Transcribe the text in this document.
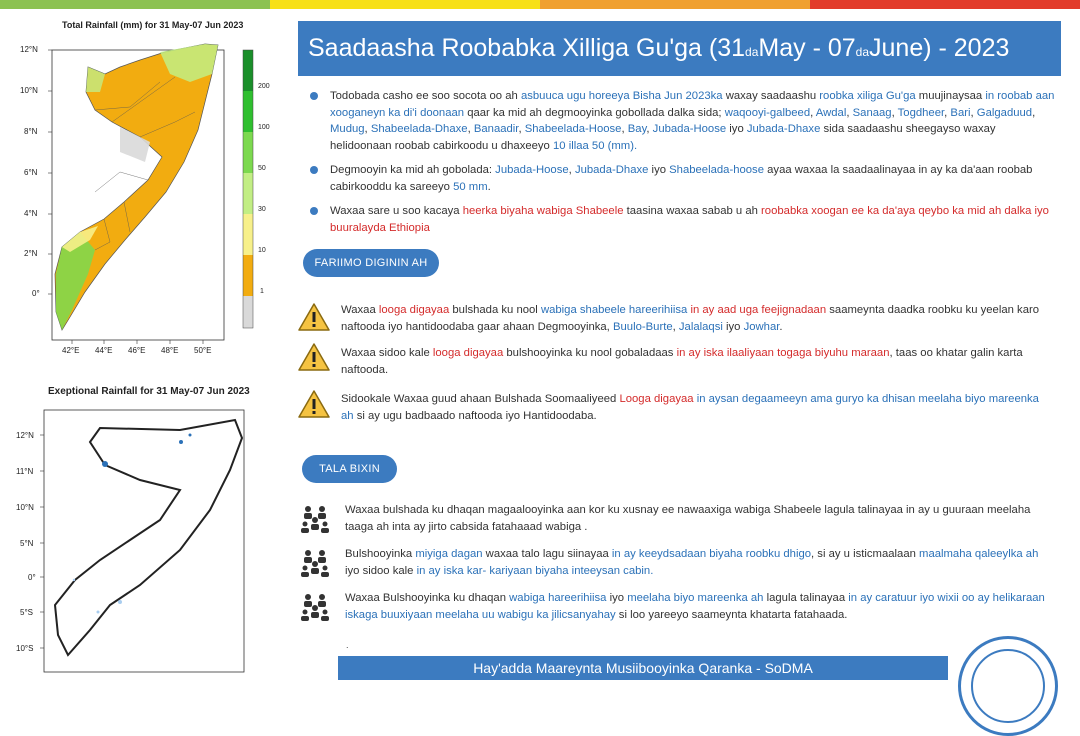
Total Rainfall (mm) for 31 May-07 Jun 2023
12°N
10°N
8°N
6°N
4°N
2°N
0°
42°E 44°E 46°E 48°E 50°E
200
100
50
30
10
1
Exeptional Rainfall for 31 May-07 Jun 2023
12°N
11°N
10°N
5°N
0°
5°S
10°S
Saadaasha Roobabka Xilliga Gu'ga ($31_{da}$ May - $07_{da}$ June) - 2023
Todobada casho ee soo socota oo ah asbuuca ugu horeeya Bisha Jun 2023ka waxay saadaashu roobka xiliga Gu'ga muujinaysaa in roobab aan xooganeyn ka di'i doonaan qaar ka mid ah degmooyinka gobollada dalka sida; waqooyi-galbeed, Awdal, Sanaag, Togdheer, Bari, Galgaduud, Mudug, Shabeelada-Dhaxe, Banaadir, Shabeelada-Hoose, Bay, Jubada-Hoose iyo Jubada-Dhaxe sida saadaashu sheegayso waxay helidoonaan roobab cabirkoodu u dhaxeeyo 10 illaa 50 (mm).
Degmooyin ka mid ah gobolada: Jubada-Hoose, Jubada-Dhaxe iyo Shabeelada-hoose ayaa waxaa la saadaalinayaa in ay ka da'aan roobab cabirkooddu ka sareeyo 50 mm.
Waxaa sare u soo kacaya heerka biyaha wabiga Shabeele taasina waxaa sabab u ah roobabka xoogan ee ka da'aya qeybo ka mid ah dalka iyo buuralayda Ethiopia
FARIIMO DIGININ AH
Waxaa looga digayaa bulshada ku nool wabiga shabeele hareerihiisa in ay aad uga feejignadaan saameynta daadka roobku ku yeelan karo naftooda iyo hantidoodaba gaar ahaan Degmooyinka, Buulo-Burte, Jalalaqsi iyo Jowhar.
Waxaa sidoo kale looga digayaa bulshooyinka ku nool gobaladaas in ay iska ilaaliyaan togaga biyuhu maraan, taas oo khatar galin karta naftooda.
Sidookale Waxaa guud ahaan Bulshada Soomaaliyeed Looga digayaa in aysan degaameeyn ama guryo ka dhisan meelaha biyo mareenka ah si ay ugu badbaado naftooda iyo Hantidoodaba.
TALA BIXIN
Waxaa bulshada ku dhaqan magaalooyinka aan kor ku xusnay ee nawaaxiga wabiga Shabeele lagula talinayaa in ay u guuraan meelaha taaga ah inta ay jirto cabsida fatahaaad wabiga .
Bulshooyinka miyiga dagan waxaa talo lagu siinayaa in ay keeydsadaan biyaha roobku dhigo, si ay u isticmaalaan maalmaha qaleeylka ah iyo sidoo kale in ay iska kar- kariyaan biyaha inteeysan cabin.
Waxaa Bulshooyinka ku dhaqan wabiga hareerihiisa iyo meelaha biyo mareenka ah lagula talinayaa in ay caratuur iyo wixii oo ay helikaraan iskaga buuxiyaan meelaha uu wabigu ka jilicsanyahay si loo yareeyo saameynta khatarta fatahaada.
.
Hay'adda Maareynta Musiibooyinka Qaranka - SoDMA
